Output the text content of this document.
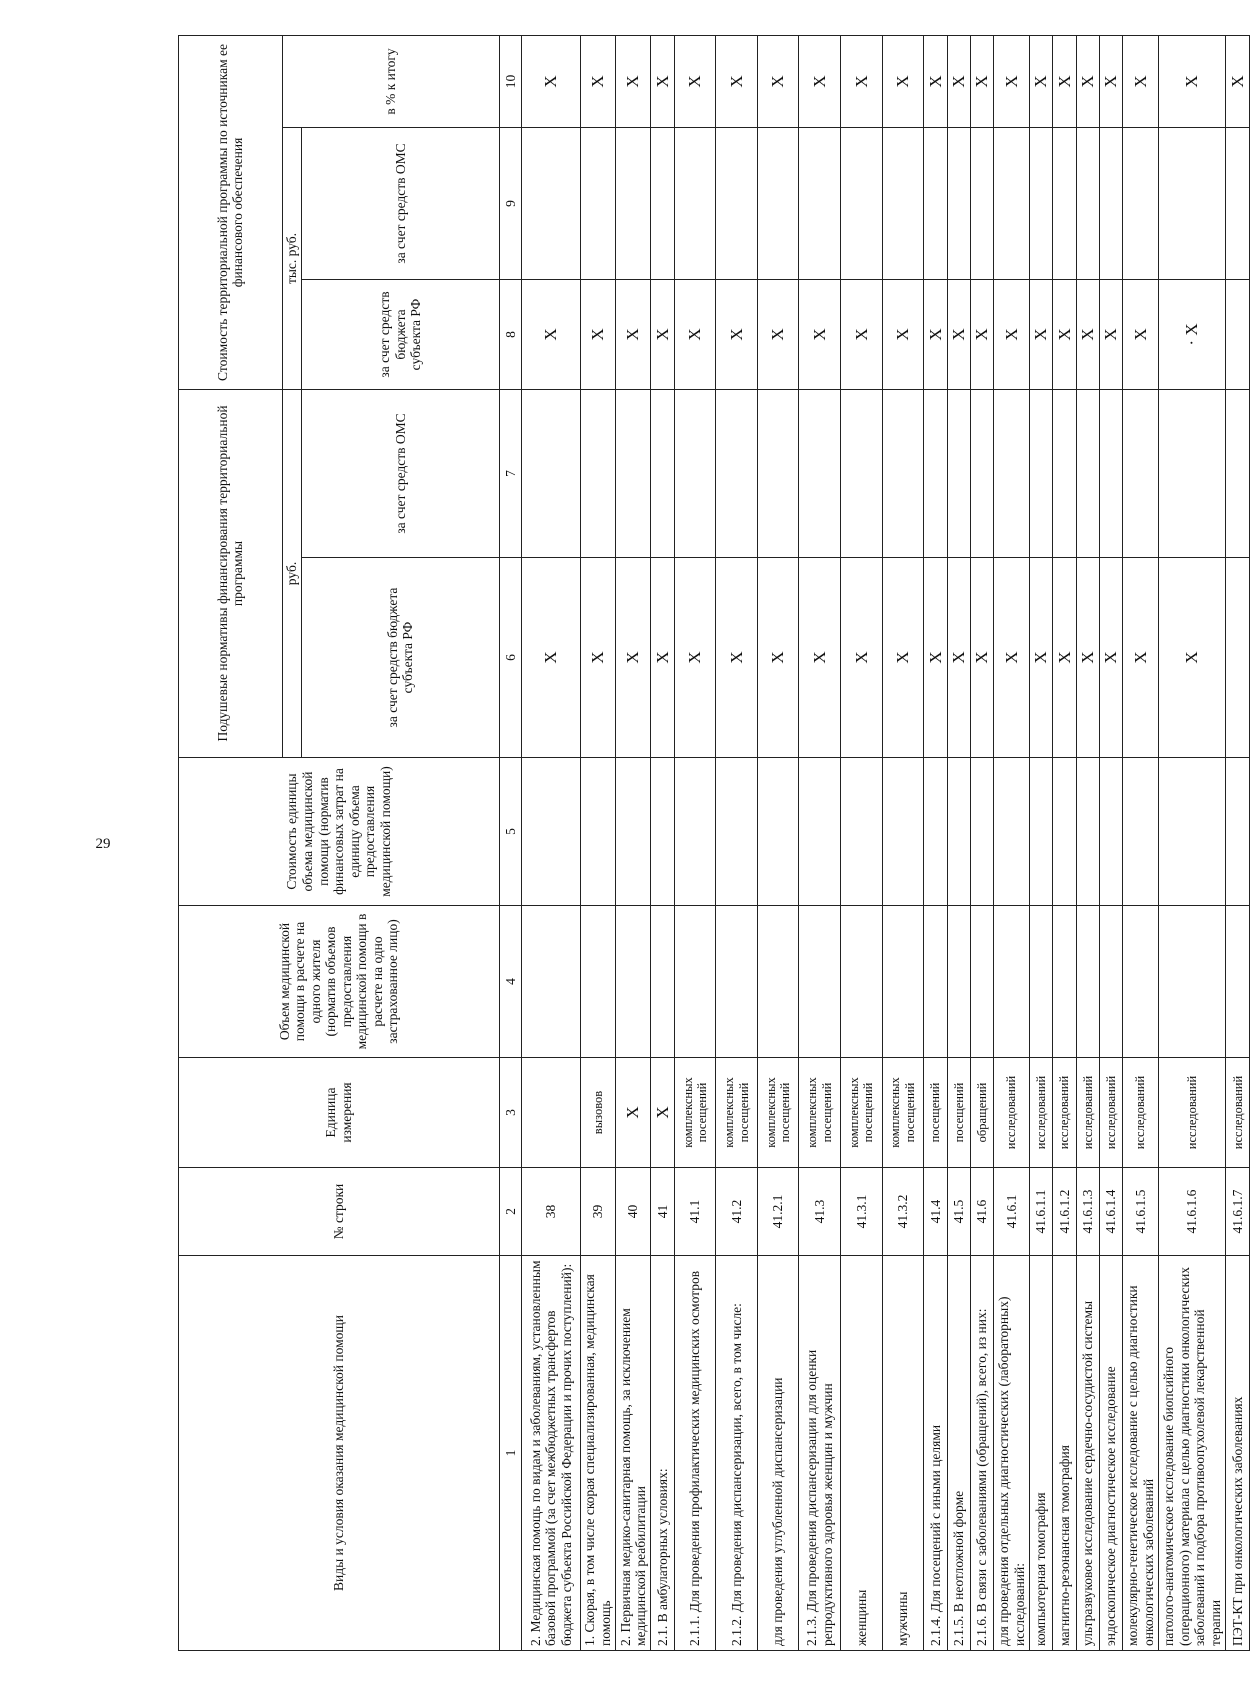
29
Виды и условия оказания медицинской помощи	№ строки	Единица измерения	Объем медицинской помощи в расчете на одного жителя (норматив объемов предоставления медицинской помощи в расчете на одно застрахованное лицо)	Стоимость единицы объема медицинской помощи (норматив финансовых затрат на единицу объема предоставления медицинской помощи)	Подушевые нормативы финансирования территориальной программы		Стоимость территориальной программы по источникам ее финансового обеспечения		
					руб.		тыс. руб.		в % к итогу
					за счет средств бюджета субъекта РФ	за счет средств ОМС	за счет средств бюджета субъекта РФ	за счет средств ОМС	
1	2	3	4	5	6	7	8	9	10
2. Медицинская помощь по видам и заболеваниям, установленным базовой программой (за счет межбюджетных трансфертов бюджета субъекта Российской Федерации и прочих поступлений):	38				X		X		X
1. Скорая, в том числе скорая специализированная, медицинская помощь	39	вызовов			X		X		X
2. Первичная медико-санитарная помощь, за исключением медицинской реабилитации	40	X			X		X		X
2.1. В амбулаторных условиях:	41	X			X		X		X
2.1.1. Для проведения профилактических медицинских осмотров	41.1	комплексных посещений			X		X		X
2.1.2. Для проведения диспансеризации, всего, в том числе:	41.2	комплексных посещений			X		X		X
для проведения углубленной диспансеризации	41.2.1	комплексных посещений			X		X		X
2.1.3. Для проведения диспансеризации для оценки репродуктивного здоровья женщин и мужчин	41.3	комплексных посещений			X		X		X
женщины	41.3.1	комплексных посещений			X		X		X
мужчины	41.3.2	комплексных посещений			X		X		X
2.1.4. Для посещений с иными целями	41.4	посещений			X		X		X
2.1.5. В неотложной форме	41.5	посещений			X		X		X
2.1.6. В связи с заболеваниями (обращений), всего, из них:	41.6	обращений			X		X		X
для проведения отдельных диагностических (лабораторных) исследований:	41.6.1	исследований			X		X		X
компьютерная томография	41.6.1.1	исследований			X		X		X
магнитно-резонансная томография	41.6.1.2	исследований			X		X		X
ультразвуковое исследование сердечно-сосудистой системы	41.6.1.3	исследований			X		X		X
эндоскопическое диагностическое исследование	41.6.1.4	исследований			X		X		X
молекулярно-генетическое исследование с целью диагностики онкологических заболеваний	41.6.1.5	исследований			X		X		X
патолого-анатомическое исследование биопсийного (операционного) материала с целью диагностики онкологических заболеваний и подбора противоопухолевой лекарственной терапии	41.6.1.6	исследований			X		· X		X
ПЭТ-КТ при онкологических заболеваниях	41.6.1.7	исследований							X
